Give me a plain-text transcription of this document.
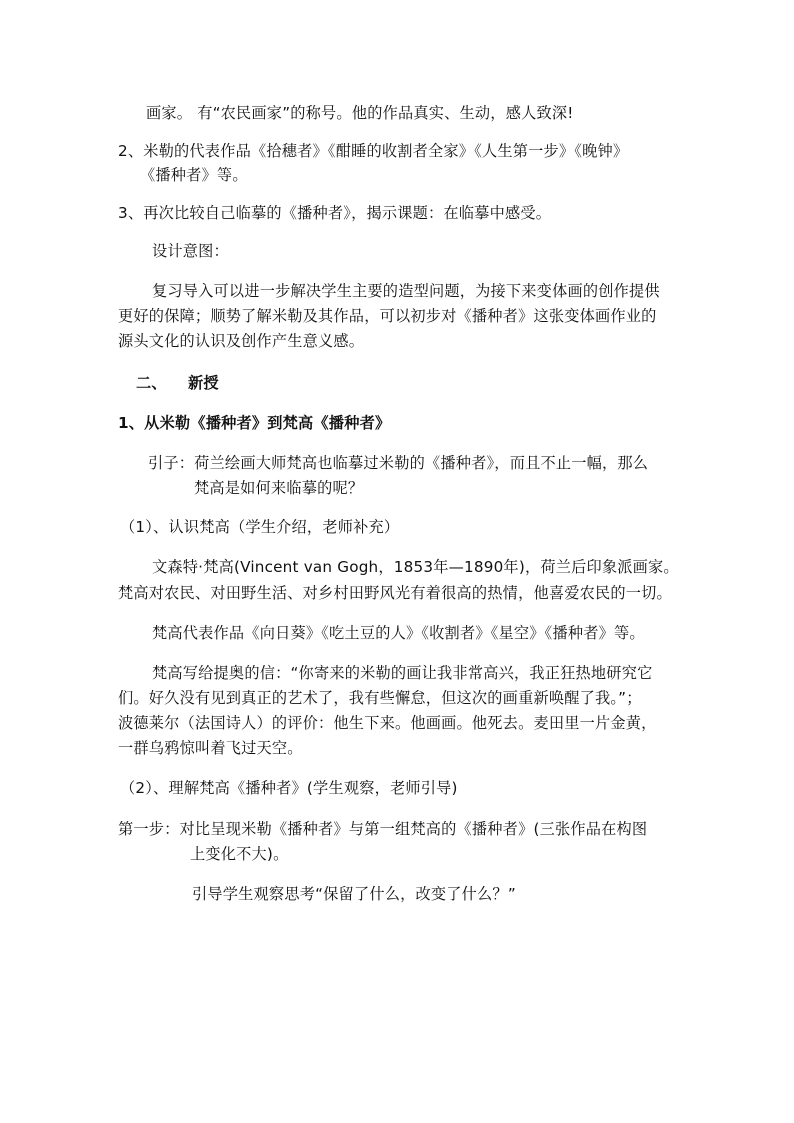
画家。 有“农民画家”的称号。他的作品真实、生动，感人致深!
2、米勒的代表作品《拾穗者》《酣睡的收割者全家》《人生第一步》《晚钟》
《播种者》等。
3、再次比较自己临摹的《播种者》，揭示课题：在临摹中感受。
设计意图：
复习导入可以进一步解决学生主要的造型问题，为接下来变体画的创作提供
更好的保障；顺势了解米勒及其作品，可以初步对《播种者》这张变体画作业的
源头文化的认识及创作产生意义感。
二、 新授
1、从米勒《播种者》到梵高《播种者》
引子：荷兰绘画大师梵高也临摹过米勒的《播种者》，而且不止一幅，那么
梵高是如何来临摹的呢？
（1）、认识梵高（学生介绍，老师补充）
文森特·梵高(Vincent van Gogh，1853年—1890年)，荷兰后印象派画家。
梵高对农民、对田野生活、对乡村田野风光有着很高的热情，他喜爱农民的一切。
梵高代表作品《向日葵》《吃土豆的人》《收割者》《星空》《播种者》等。
梵高写给提奥的信：“你寄来的米勒的画让我非常高兴，我正狂热地研究它
们。好久没有见到真正的艺术了，我有些懈怠，但这次的画重新唤醒了我。”；
波德莱尔（法国诗人）的评价：他生下来。他画画。他死去。麦田里一片金黄，
一群乌鸦惊叫着飞过天空。
（2）、理解梵高《播种者》(学生观察，老师引导)
第一步：对比呈现米勒《播种者》与第一组梵高的《播种者》(三张作品在构图
上变化不大)。
引导学生观察思考“保留了什么，改变了什么？”
